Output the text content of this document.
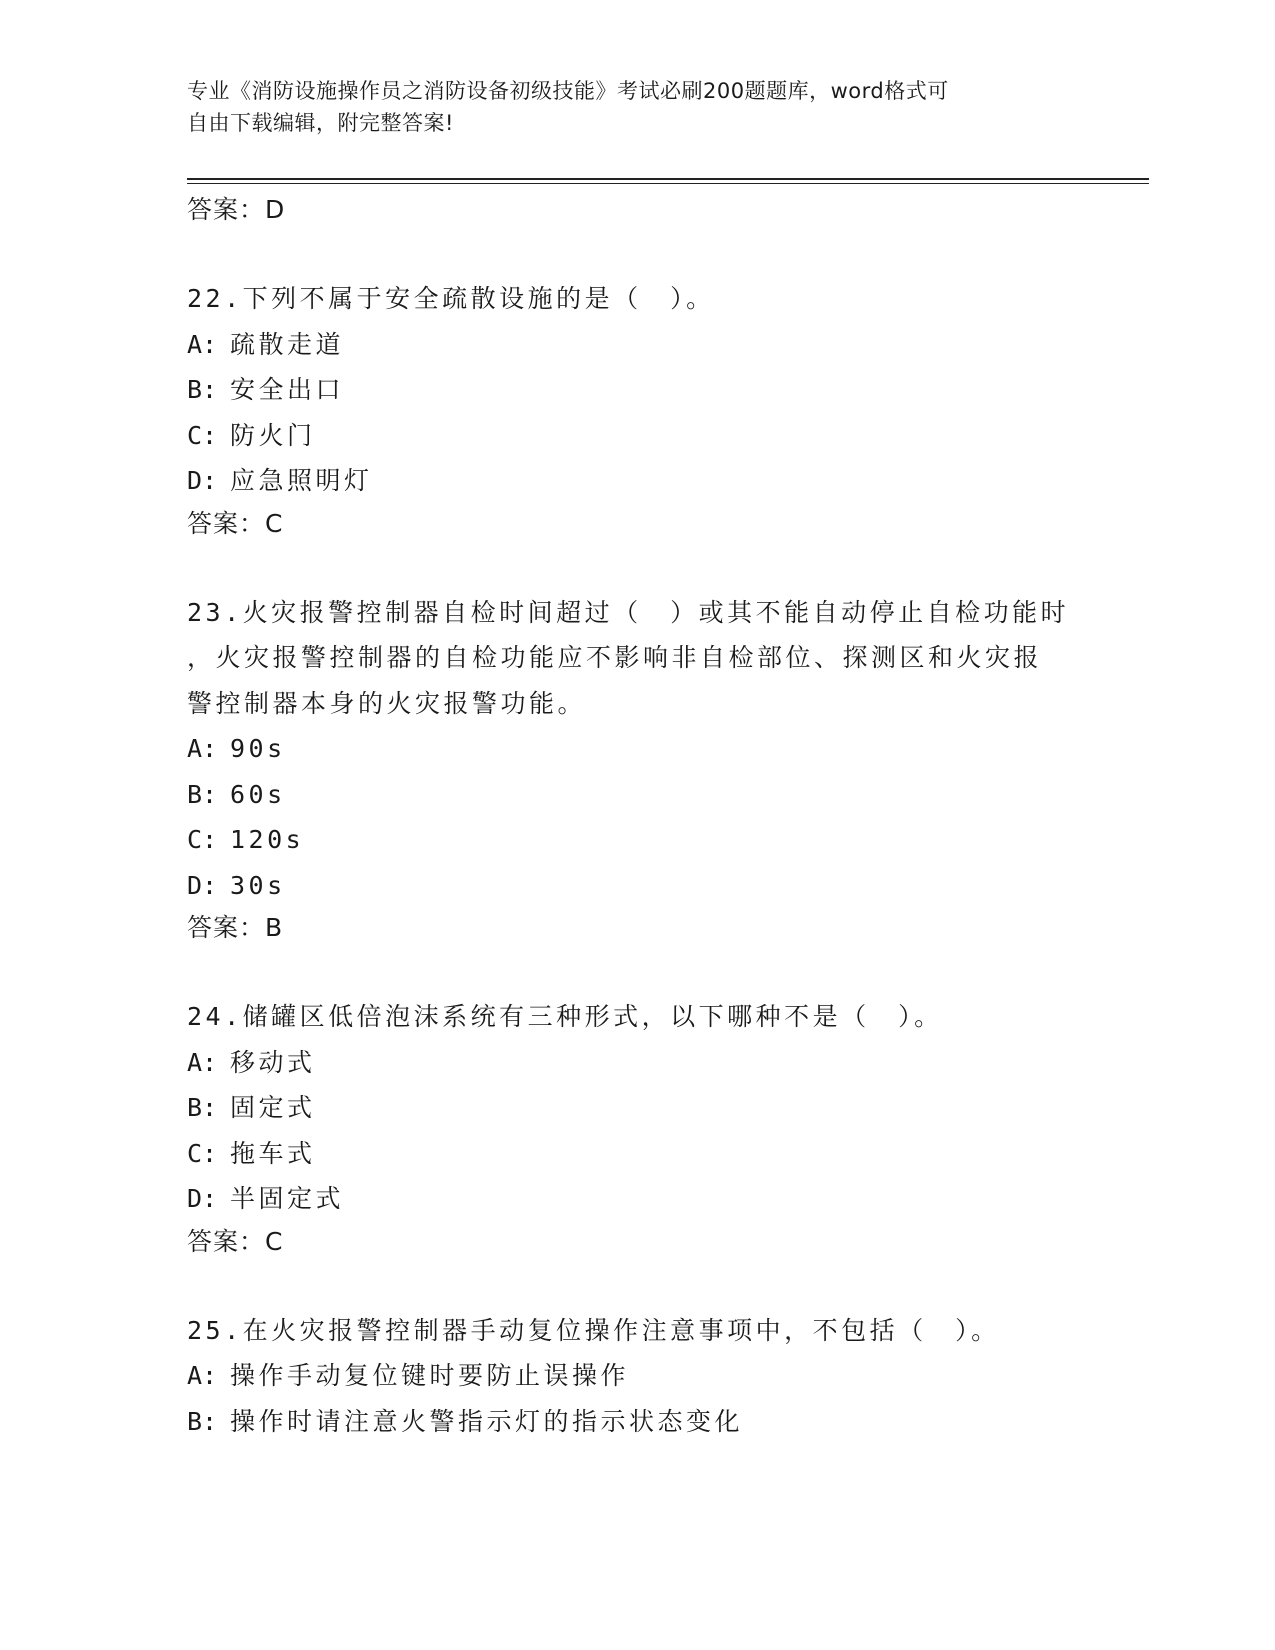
专业《消防设施操作员之消防设备初级技能》考试必刷200题题库，word格式可
自由下载编辑，附完整答案!
答案：D
22.下列不属于安全疏散设施的是（　）。
A: 疏散走道
B: 安全出口
C: 防火门
D: 应急照明灯
答案：C
23.火灾报警控制器自检时间超过（　）或其不能自动停止自检功能时
，火灾报警控制器的自检功能应不影响非自检部位、探测区和火灾报
警控制器本身的火灾报警功能。
A: 90s
B: 60s
C: 120s
D: 30s
答案：B
24.储罐区低倍泡沫系统有三种形式，以下哪种不是（　）。
A: 移动式
B: 固定式
C: 拖车式
D: 半固定式
答案：C
25.在火灾报警控制器手动复位操作注意事项中，不包括（　）。
A: 操作手动复位键时要防止误操作
B: 操作时请注意火警指示灯的指示状态变化
